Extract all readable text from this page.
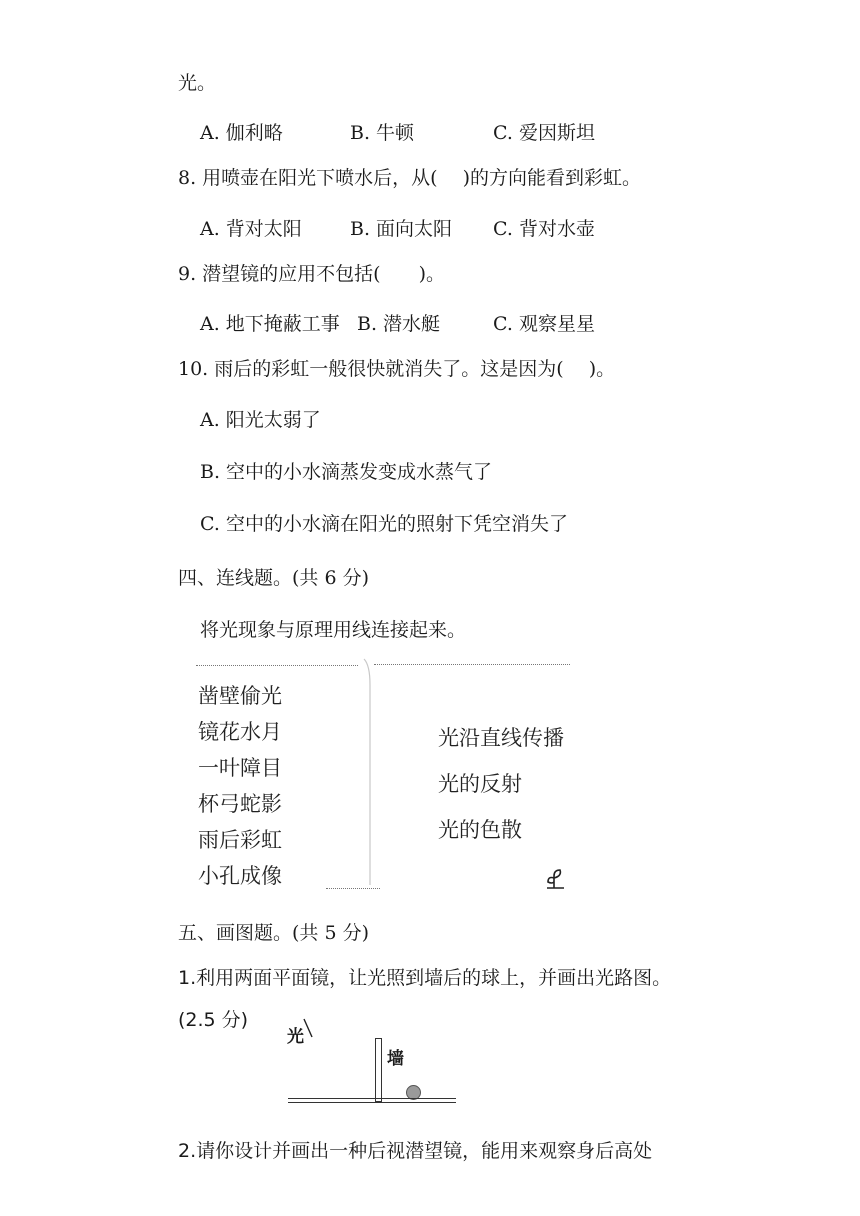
光。
A. 伽利略	B. 牛顿	C. 爱因斯坦
8. 用喷壶在阳光下喷水后，从(　 )的方向能看到彩虹。
A. 背对太阳	B. 面向太阳 C. 背对水壶
9. 潜望镜的应用不包括(　　)。
A. 地下掩蔽工事 B. 潜水艇	C. 观察星星
10. 雨后的彩虹一般很快就消失了。这是因为(　 )。
A. 阳光太弱了
B. 空中的小水滴蒸发变成水蒸气了
C. 空中的小水滴在阳光的照射下凭空消失了
四、连线题。(共 6 分)
将光现象与原理用线连接起来。
凿壁偷光
镜花水月
一叶障目
杯弓蛇影
雨后彩虹
小孔成像
光沿直线传播
光的反射
光的色散
五、画图题。(共 5 分)
1.利用两面平面镜，让光照到墙后的球上，并画出光路图。
(2.5 分)
光
墙
2.请你设计并画出一种后视潜望镜，能用来观察身后高处
